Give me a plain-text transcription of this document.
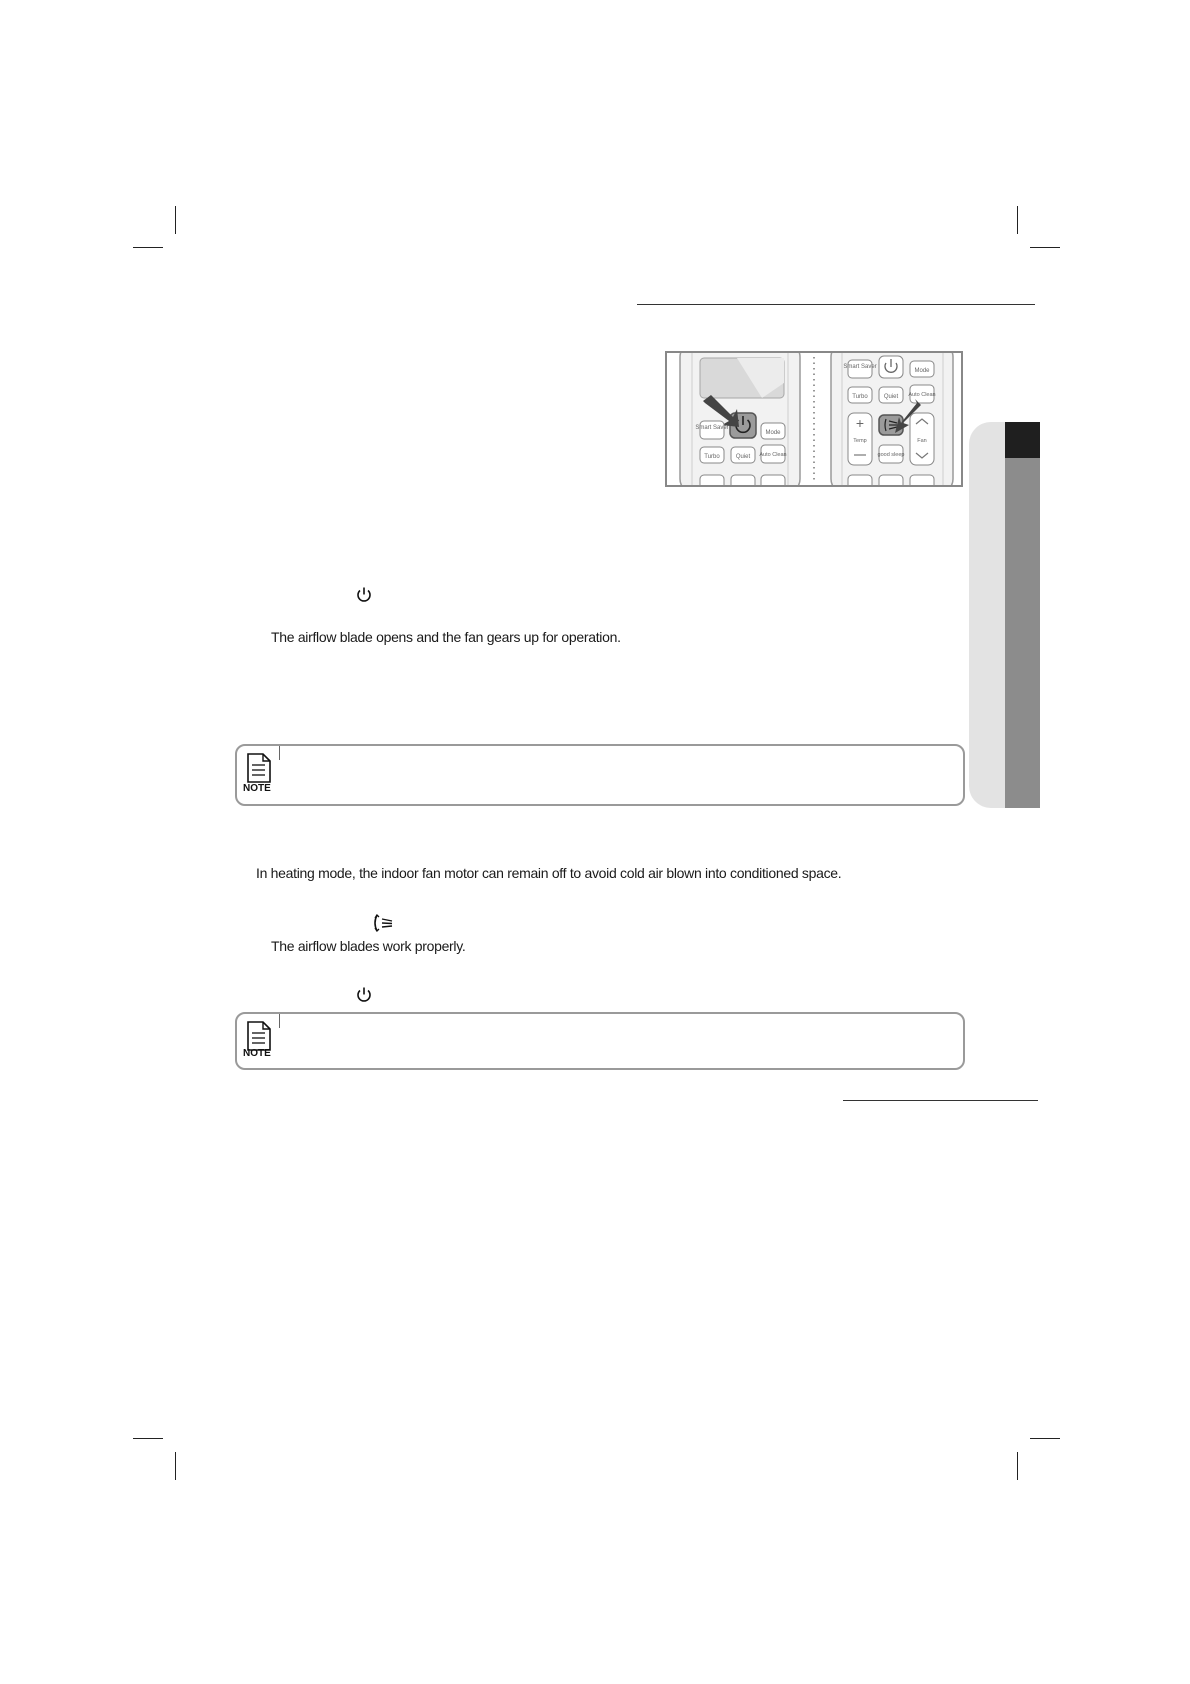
Smart Saver
Mode
Turbo	Quiet Auto Clean
Smart Saver
Mode
Turbo	Quiet Auto Clean
+
Temp
good sleep
Fan
The airflow blade opens and the fan gears up for operation.
NOTE
In heating mode, the indoor fan motor can remain off to avoid cold air blown into conditioned space.
The airflow blades work properly.
NOTE
